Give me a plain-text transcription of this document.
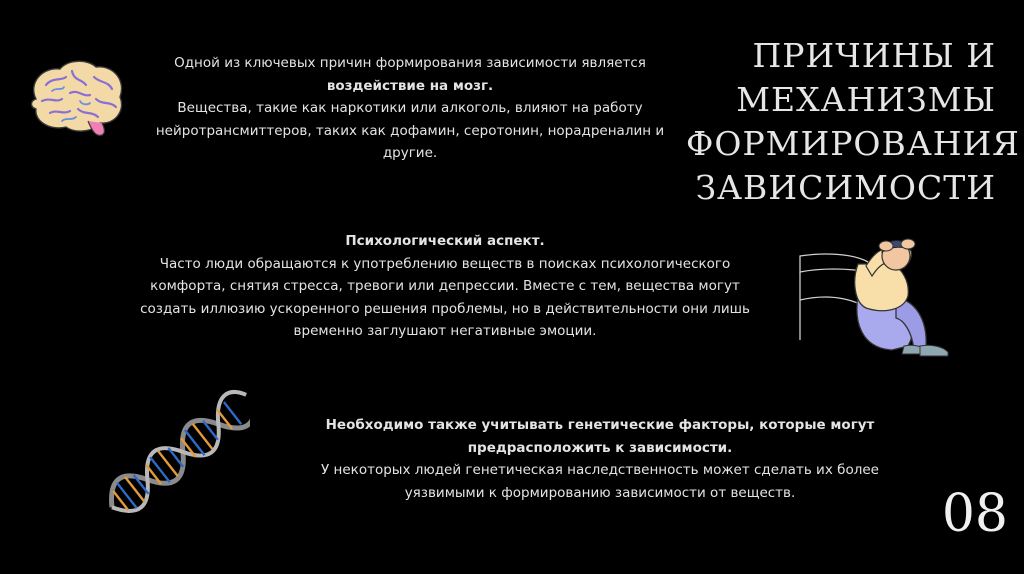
ПРИЧИНЫ И
МЕХАНИЗМЫ
ФОРМИРОВАНИЯ
ЗАВИСИМОСТИ
Одной из ключевых причин формирования зависимости является
воздействие на мозг.
Вещества, такие как наркотики или алкоголь, влияют на работу нейротрансмиттеров, таких как дофамин, серотонин, норадреналин и другие.
Психологический аспект.
Часто люди обращаются к употреблению веществ в поисках психологического комфорта, снятия стресса, тревоги или депрессии. Вместе с тем, вещества могут создать иллюзию ускоренного решения проблемы, но в действительности они лишь временно заглушают негативные эмоции.
Необходимо также учитывать генетические факторы, которые могут предрасположить к зависимости.
У некоторых людей генетическая наследственность может сделать их более уязвимыми к формированию зависимости от веществ.	08
